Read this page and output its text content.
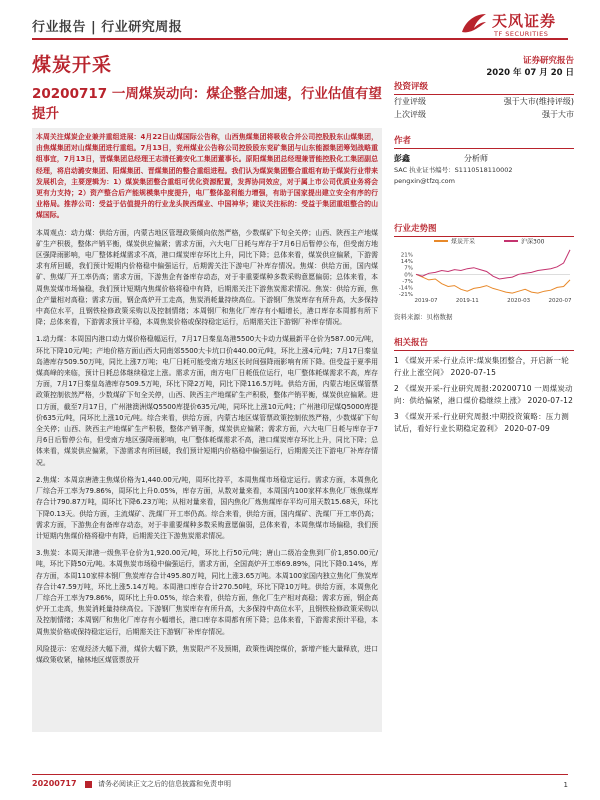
行业报告 | 行业研究周报	天风证券
TF SECURITIES
煤炭开采	证券研究报告
2020 年 07 月 20 日
20200717 一周煤炭动向：煤企整合加速，行业估值有望提升
投资评级
行业评级	强于大市(维持评级)
上次评级	强于大市
作者
彭鑫	分析师
SAC 执业证书编号：S1110518110002
pengxin@tfzq.com
行业走势图
煤炭开采	沪深300
21%
14%
7%
0%
-7%
-14%
-21%
2019-07	2019-11	2020-03	2020-07
资料来源：贝格数据
相关报告
1 《煤炭开采-行业点评:煤炭集团整合，开启新一轮行业上涨空间》 2020-07-15
2 《煤炭开采-行业研究周报:20200710 一周煤炭动向：供给偏紧，港口煤价稳继续上涨》 2020-07-12
3 《煤炭开采-行业研究周报:中期投资策略：压力测试后，看好行业长期稳定盈利》 2020-07-09
本周关注煤炭企业兼并重组进展：4月22日山煤国际公告称，山西焦煤集团将吸收合并公司控股股东山煤集团，由焦煤集团对山煤集团进行重组。7月13日，兖州煤业公告称公司控股股东兖矿集团与山东能源集团筹划战略重组事宜，7月13日，晋煤集团总经理王志清任潞安化工集团董事长。原阳煤集团总经理兼晋能控股化工集团副总经理，将启动潞安集团、阳煤集团、晋煤集团的整合重组进程。我们认为煤炭集团整合重组有助于煤炭行业带来发展机会，主要逻辑为：1）煤炭集团整合重组可优化资源配置，发挥协同效应，对于属上市公司优质业务将会更有力支持；2）资产整合后产能规模集中度提升，电厂整体盈利能力增强，有助于国家提出建立安全有序的行业格局。推荐公司：受益于估值提升的行业龙头陕西煤业、中国神华；建议关注标的：受益于集团重组整合的山煤国际。
本周观点：动力煤：供给方面，内蒙古地区管理政策倾向依然严格，少数煤矿下旬全关停；山西、陕西主产地煤矿生产积极，整体产销平衡，煤炭供应偏紧；需求方面，六大电厂日耗与库存于7月6日后暂停公布，但受南方地区强降雨影响，电厂整体耗煤需求不高，港口煤炭库存环比上升，同比下降；总体来看，煤炭供应偏紧，下游需求有所回暖，我们预计短期内价格稳中偏强运行，后期需关注下游电厂补库存情况。焦煤：供给方面，国内煤矿、焦煤厂开工率仍高；需求方面，下游焦企有备库存动态，对于非重要煤种多数采购意愿偏弱；总体来看，本周焦炭煤市场偏稳，我们预计短期内焦煤价格将稳中有降，后期需关注下游焦炭需求情况。焦炭：供给方面，焦企产量相对高稳；需求方面，钢企高炉开工走高，焦炭消耗量持续高位。下游钢厂焦炭库存有所升高，大多保持中高位水平，且钢铁检修政策采购以及控制情绪；本周钢厂和焦化厂库存有小幅增长，港口库存本周都有所下降；总体来看，下游需求预计平稳，本周焦炭价格或保持稳定运行，后期需关注下游钢厂补库存情况。
1.动力煤：本周国内港口动力煤价格稳幅运行，7月17日秦皇岛港5500大卡动力煤最新平仓价为587.00元/吨，环比下降10元/吨；产地价格方面山西大同南郊5500大卡坑口价440.00元/吨，环比上涨4元/吨；7月17日秦皇岛港库存509.50万吨，同比上涨7万吨；电厂日耗可能受南方地区长时间强降雨影响有所下降。但受益于夏季用煤高峰的来临，预计日耗总体继续稳定上涨。需求方面，南方电厂日耗低位运行，电厂整体耗煤需求不高，库存方面，7月17日秦皇岛港库存509.5万吨，环比下降2万吨，同比下降116.5万吨。供给方面，内蒙古地区煤管票政策控制依然严格，少数煤矿下旬全关停，山西、陕西主产地煤矿生产积极，整体产销平衡，煤炭供应偏紧。进口方面，截至7月17日，广州港澳洲煤Q5500库提价635元/吨，同环比上涨10元/吨；广州港印尼煤Q5000库提价635元/吨，同环比上涨10元/吨。综合来看，供给方面，内蒙古地区煤管票政策控制依然严格，少数煤矿下旬全关停；山西、陕西主产地煤矿生产积极，整体产销平衡，煤炭供应偏紧；需求方面，六大电厂日耗与库存于7月6日后暂停公布，但受南方地区强降雨影响，电厂整体耗煤需求不高，港口煤炭库存环比上升，同比下降；总体来看，煤炭供应偏紧，下游需求有所回暖，我们预计短期内价格稳中偏强运行，后期需关注下游电厂补库存情况。
2.焦煤：本周京唐港主焦煤价格为1,440.00元/吨，周环比持平，本周焦煤市场稳定运行。需求方面，本周焦化厂综合开工率为79.86%，周环比上升0.05%，库存方面，从数对量来看，本周国内100家样本焦化厂炼焦煤库存合计790.87万吨，周环比下降6.23万吨；从相对量来看，国内焦化厂炼焦煤库存平均可用天数15.68天，环比下降0.13天。供给方面，主流煤矿、洗煤厂开工率仍高。综合来看，供给方面，国内煤矿、洗煤厂开工率仍高；需求方面，下游焦企有备库存动态，对于非重要煤种多数采购意愿偏弱，总体来看，本周焦煤市场偏稳，我们预计短期内焦煤价格将稳中有降，后期需关注下游焦炭需求情况。
3.焦炭：本周天津港一级焦平仓价为1,920.00元/吨，环比上行50元/吨；唐山二级冶金焦到厂价1,850.00元/吨，环比下降50元/吨。本周焦炭市场稳中偏强运行，需求方面，全国高炉开工率69.89%，同比下降0.14%，库存方面，本周110家样本钢厂焦炭库存合计495.80万吨，同比上涨3.65万吨。本周100家国内独立焦化厂焦炭库存合计47.59万吨，环比上涨5.14万吨。本周港口库存合计270.50吨，环比下降10万吨。供给方面，本周焦化厂综合开工率为79.86%，周环比上升0.05%，综合来看，供给方面，焦化厂生产相对高稳；需求方面，钢企高炉开工走高，焦炭消耗量持续高位。下游钢厂焦炭库存有所升高，大多保持中高位水平，且钢铁检修政策采购以及控制情绪；本周钢厂和焦化厂库存有小幅增长，港口库存本周都有所下降；总体来看，下游需求预计平稳，本周焦炭价格或保持稳定运行，后期需关注下游钢厂补库存情况。
风险提示：宏观经济大幅下滑，煤价大幅下跌，焦炭限产不及预期，政策性调控煤价，新增产能大量释放，进口煤政策收紧，榆林地区煤管票放开
20200717	请务必阅读正文之后的信息披露和免责申明	1
